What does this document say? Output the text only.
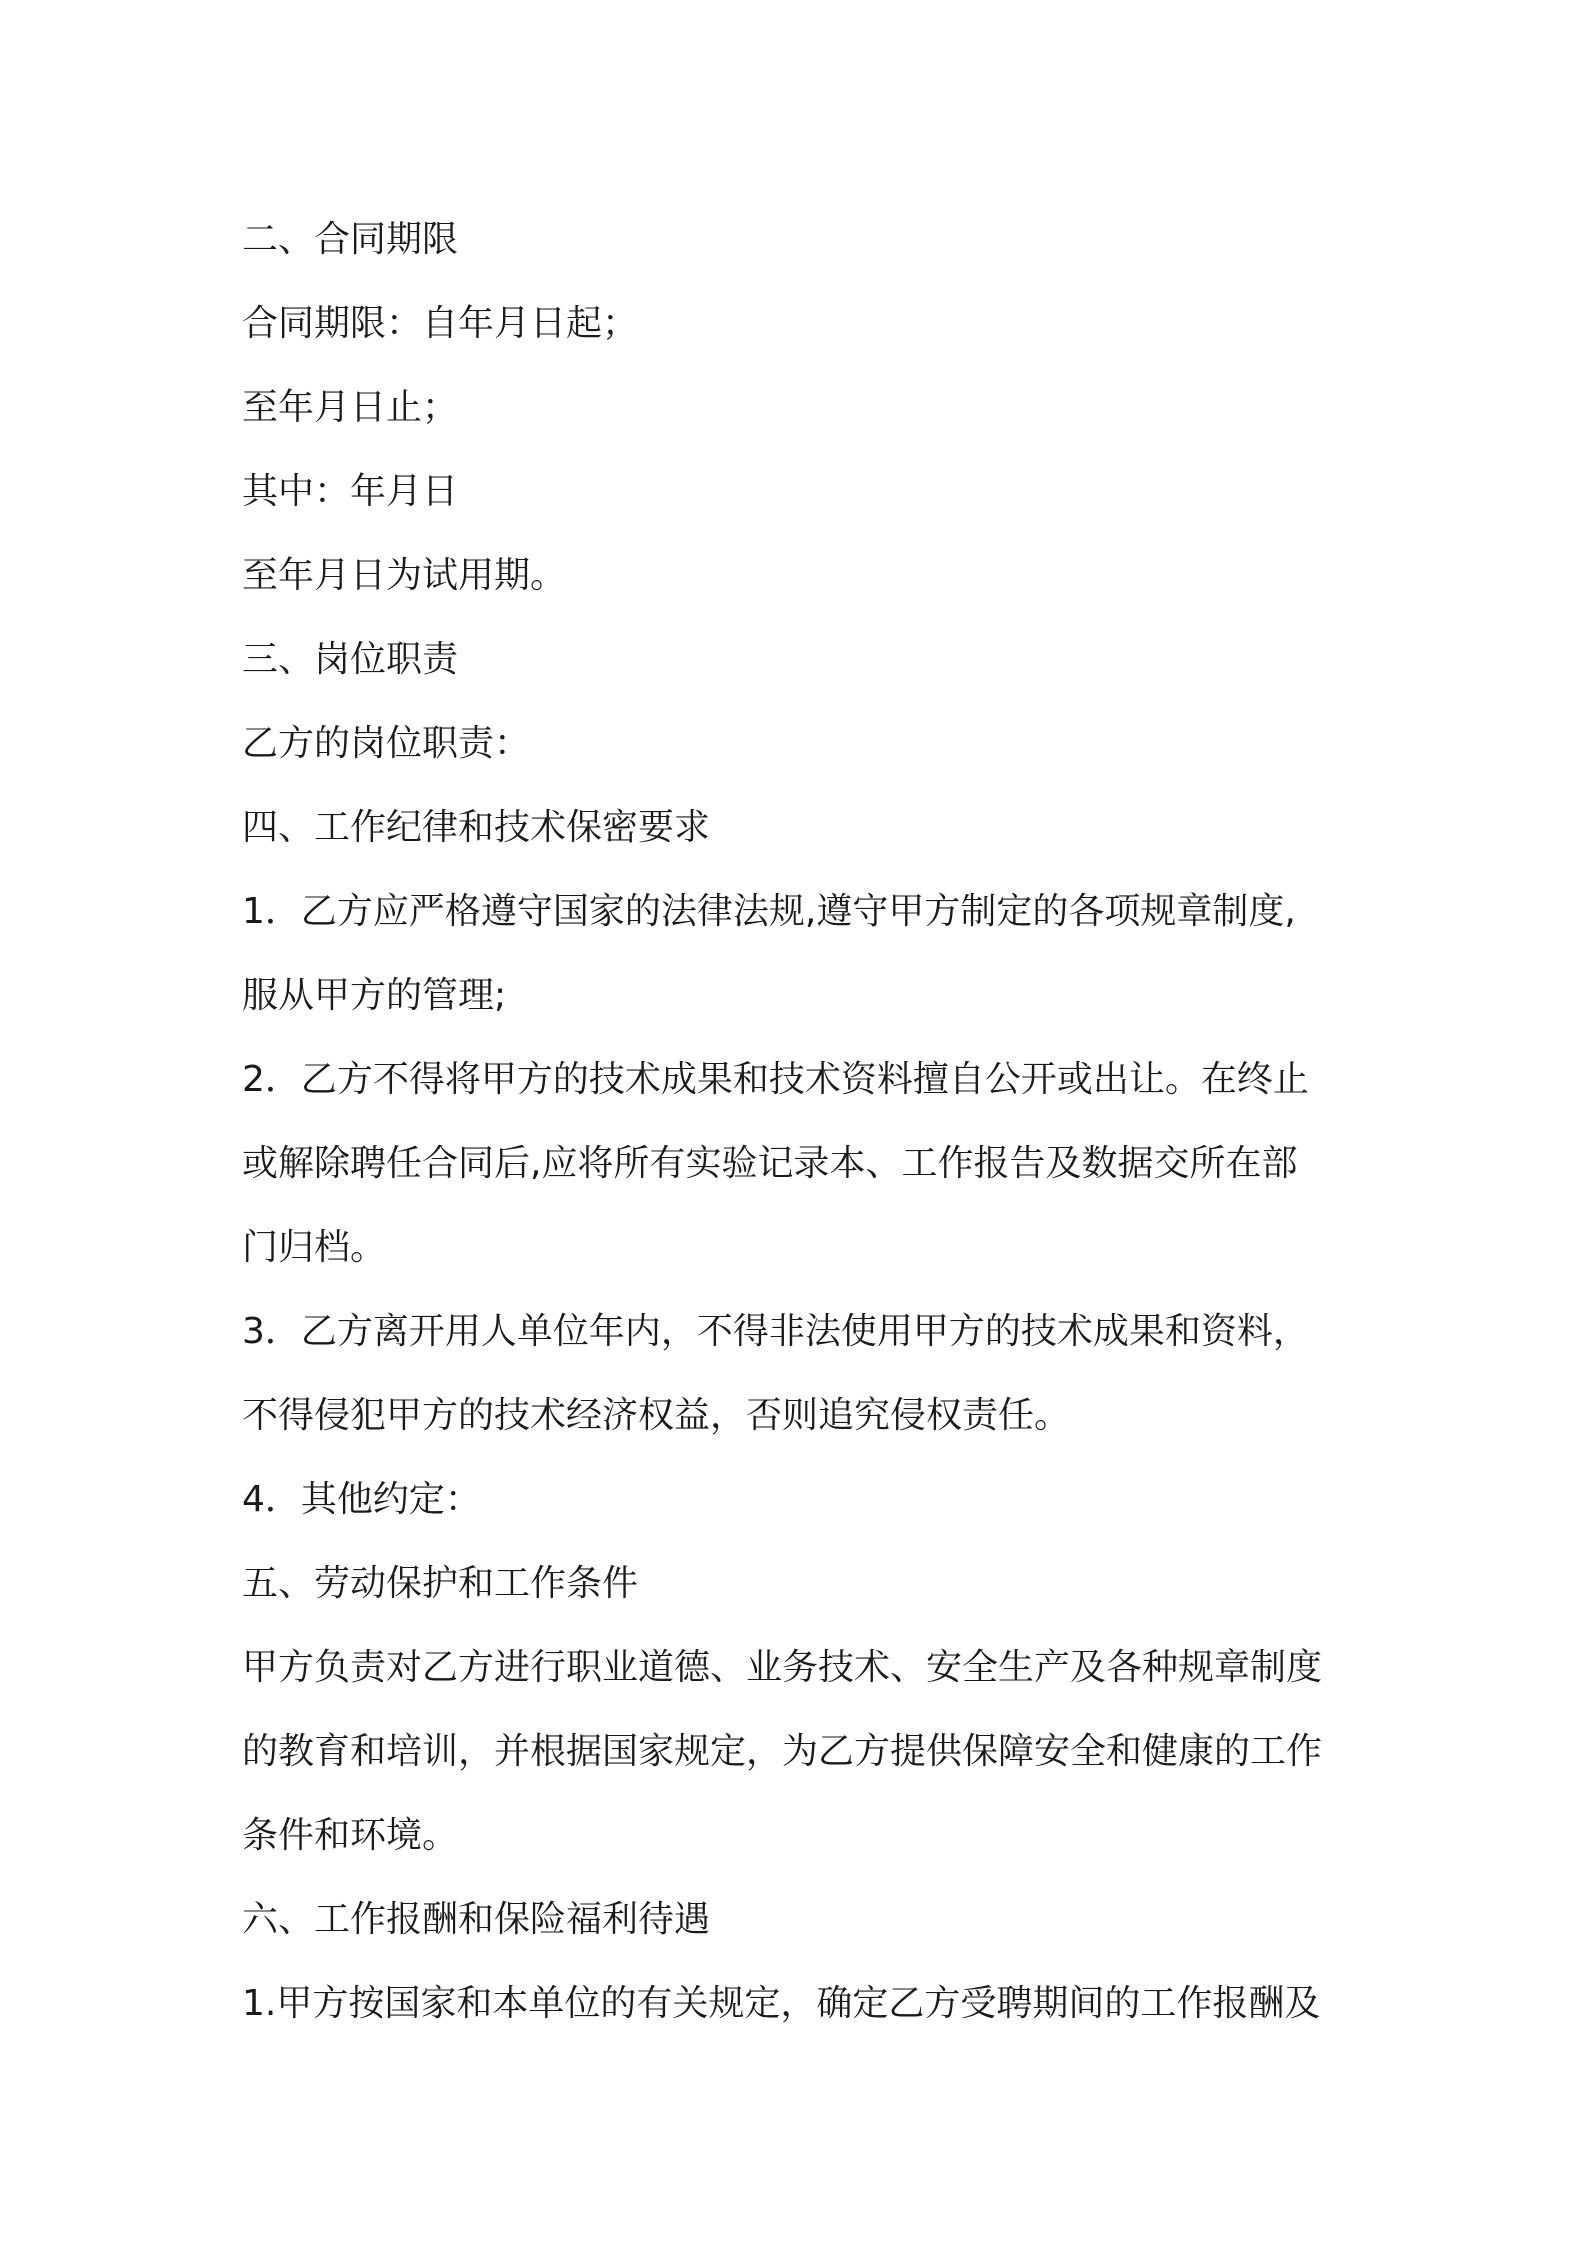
二、合同期限
合同期限：自年月日起；
至年月日止；
其中：年月日
至年月日为试用期。
三、岗位职责
乙方的岗位职责：
四、工作纪律和技术保密要求
1．乙方应严格遵守国家的法律法规,遵守甲方制定的各项规章制度,
服从甲方的管理;
2．乙方不得将甲方的技术成果和技术资料擅自公开或出让。在终止
或解除聘任合同后,应将所有实验记录本、工作报告及数据交所在部
门归档。
3．乙方离开用人单位年内，不得非法使用甲方的技术成果和资料，
不得侵犯甲方的技术经济权益，否则追究侵权责任。
4．其他约定：
五、劳动保护和工作条件
甲方负责对乙方进行职业道德、业务技术、安全生产及各种规章制度
的教育和培训，并根据国家规定，为乙方提供保障安全和健康的工作
条件和环境。
六、工作报酬和保险福利待遇
1.甲方按国家和本单位的有关规定，确定乙方受聘期间的工作报酬及
